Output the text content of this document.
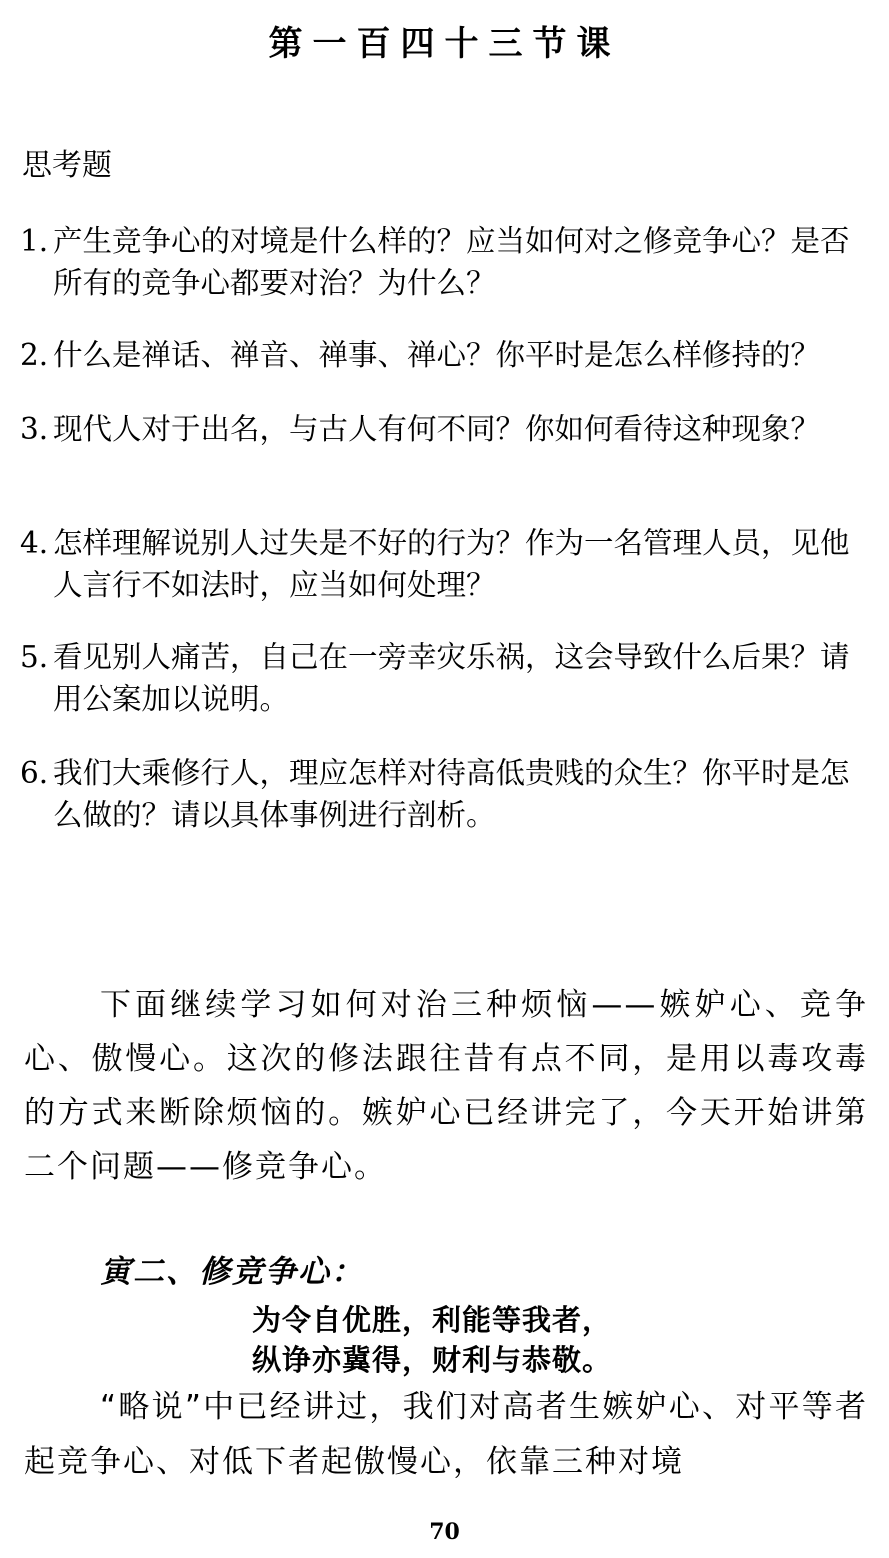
第一百四十三节课
思考题
1. 产生竞争心的对境是什么样的？应当如何对之修竞争心？是否所有的竞争心都要对治？为什么？
2. 什么是禅话、禅音、禅事、禅心？你平时是怎么样修持的？
3. 现代人对于出名，与古人有何不同？你如何看待这种现象？
4. 怎样理解说别人过失是不好的行为？作为一名管理人员，见他人言行不如法时，应当如何处理？
5. 看见别人痛苦，自己在一旁幸灾乐祸，这会导致什么后果？请用公案加以说明。
6. 我们大乘修行人，理应怎样对待高低贵贱的众生？你平时是怎么做的？请以具体事例进行剖析。
下面继续学习如何对治三种烦恼——嫉妒心、竞争心、傲慢心。这次的修法跟往昔有点不同，是用以毒攻毒的方式来断除烦恼的。嫉妒心已经讲完了，今天开始讲第二个问题——修竞争心。
寅二、修竞争心：
为令自优胜，利能等我者，
纵诤亦冀得，财利与恭敬。
“略说”中已经讲过，我们对高者生嫉妒心、对平等者起竞争心、对低下者起傲慢心，依靠三种对境
70
